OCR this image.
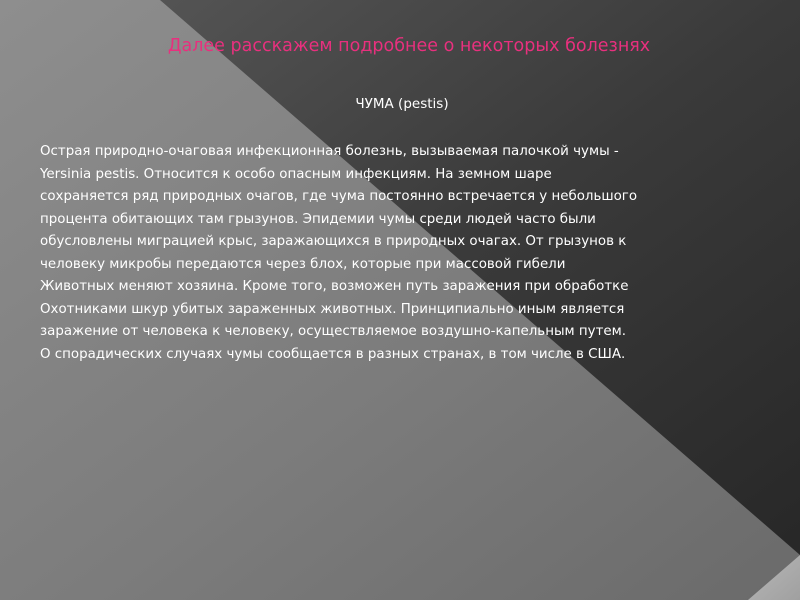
Далее расскажем подробнее о некоторых болезнях
ЧУМА (pestis)
Острая природно-очаговая инфекционная болезнь, вызываемая палочкой чумы -
Yersinia pestis. Относится к особо опасным инфекциям. На земном шаре
сохраняется ряд природных очагов, где чума постоянно встречается у небольшого
процента обитающих там грызунов. Эпидемии чумы среди людей часто были
обусловлены миграцией крыс, заражающихся в природных очагах. От грызунов к
человеку микробы передаются через блох, которые при массовой гибели
Животных меняют хозяина. Кроме того, возможен путь заражения при обработке
Охотниками шкур убитых зараженных животных. Принципиально иным является
заражение от человека к человеку, осуществляемое воздушно-капельным путем.
О спорадических случаях чумы сообщается в разных странах, в том числе в США.
